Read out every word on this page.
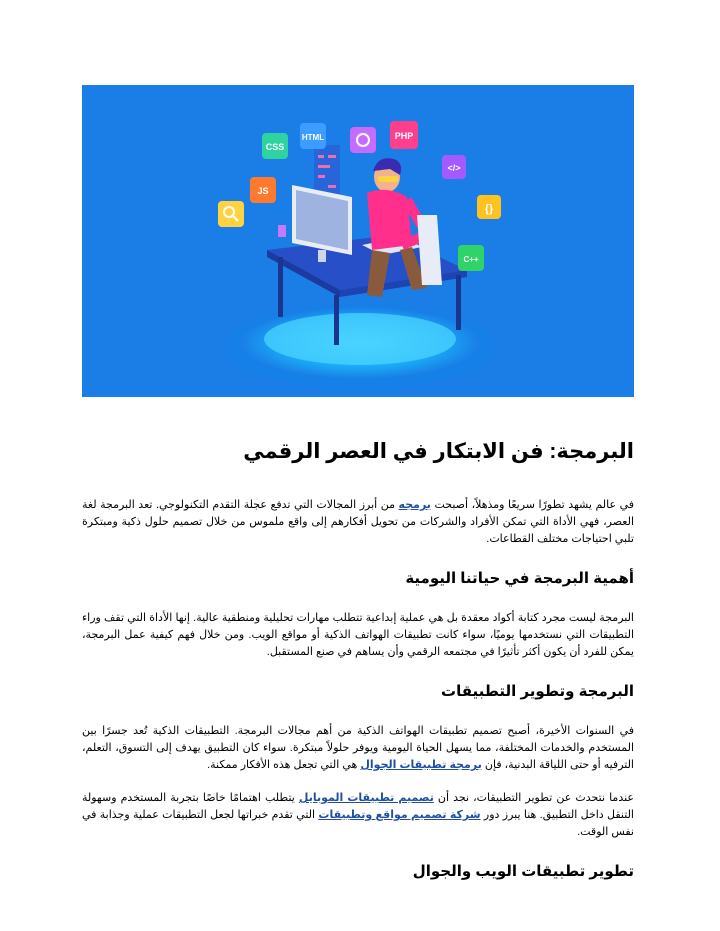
CSS
HTML	PHP
</>
JS
{}
C++
البرمجة: فن الابتكار في العصر الرقمي

في عالم يشهد تطورًا سريعًا ومذهلاً، أصبحت برمجه من أبرز المجالات التي تدفع عجلة التقدم التكنولوجي. تعد البرمجة لغة العصر، فهي الأداة التي تمكن الأفراد والشركات من تحويل أفكارهم إلى واقع ملموس من خلال تصميم حلول ذكية ومبتكرة تلبي احتياجات مختلف القطاعات.

أهمية البرمجة في حياتنا اليومية

البرمجة ليست مجرد كتابة أكواد معقدة بل هي عملية إبداعية تتطلب مهارات تحليلية ومنطقية عالية. إنها الأداة التي تقف وراء التطبيقات التي نستخدمها يوميًا، سواء كانت تطبيقات الهواتف الذكية أو مواقع الويب. ومن خلال فهم كيفية عمل البرمجة، يمكن للفرد أن يكون أكثر تأثيرًا في مجتمعه الرقمي وأن يساهم في صنع المستقبل.

البرمجة وتطوير التطبيقات

في السنوات الأخيرة، أصبح تصميم تطبيقات الهواتف الذكية من أهم مجالات البرمجة. التطبيقات الذكية تُعد جسرًا بين المستخدم والخدمات المختلفة، مما يسهل الحياة اليومية ويوفر حلولاً مبتكرة. سواء كان التطبيق يهدف إلى التسوق، التعلم، الترفيه أو حتى اللياقة البدنية، فإن برمجة تطبيقات الجوال هي التي تجعل هذه الأفكار ممكنة.

عندما نتحدث عن تطوير التطبيقات، نجد أن تصميم تطبيقات الموبايل يتطلب اهتمامًا خاصًا بتجربة المستخدم وسهولة التنقل داخل التطبيق. هنا يبرز دور شركة تصميم مواقع وتطبيقات التي تقدم خبراتها لجعل التطبيقات عملية وجذابة في نفس الوقت.

تطوير تطبيقات الويب والجوال
